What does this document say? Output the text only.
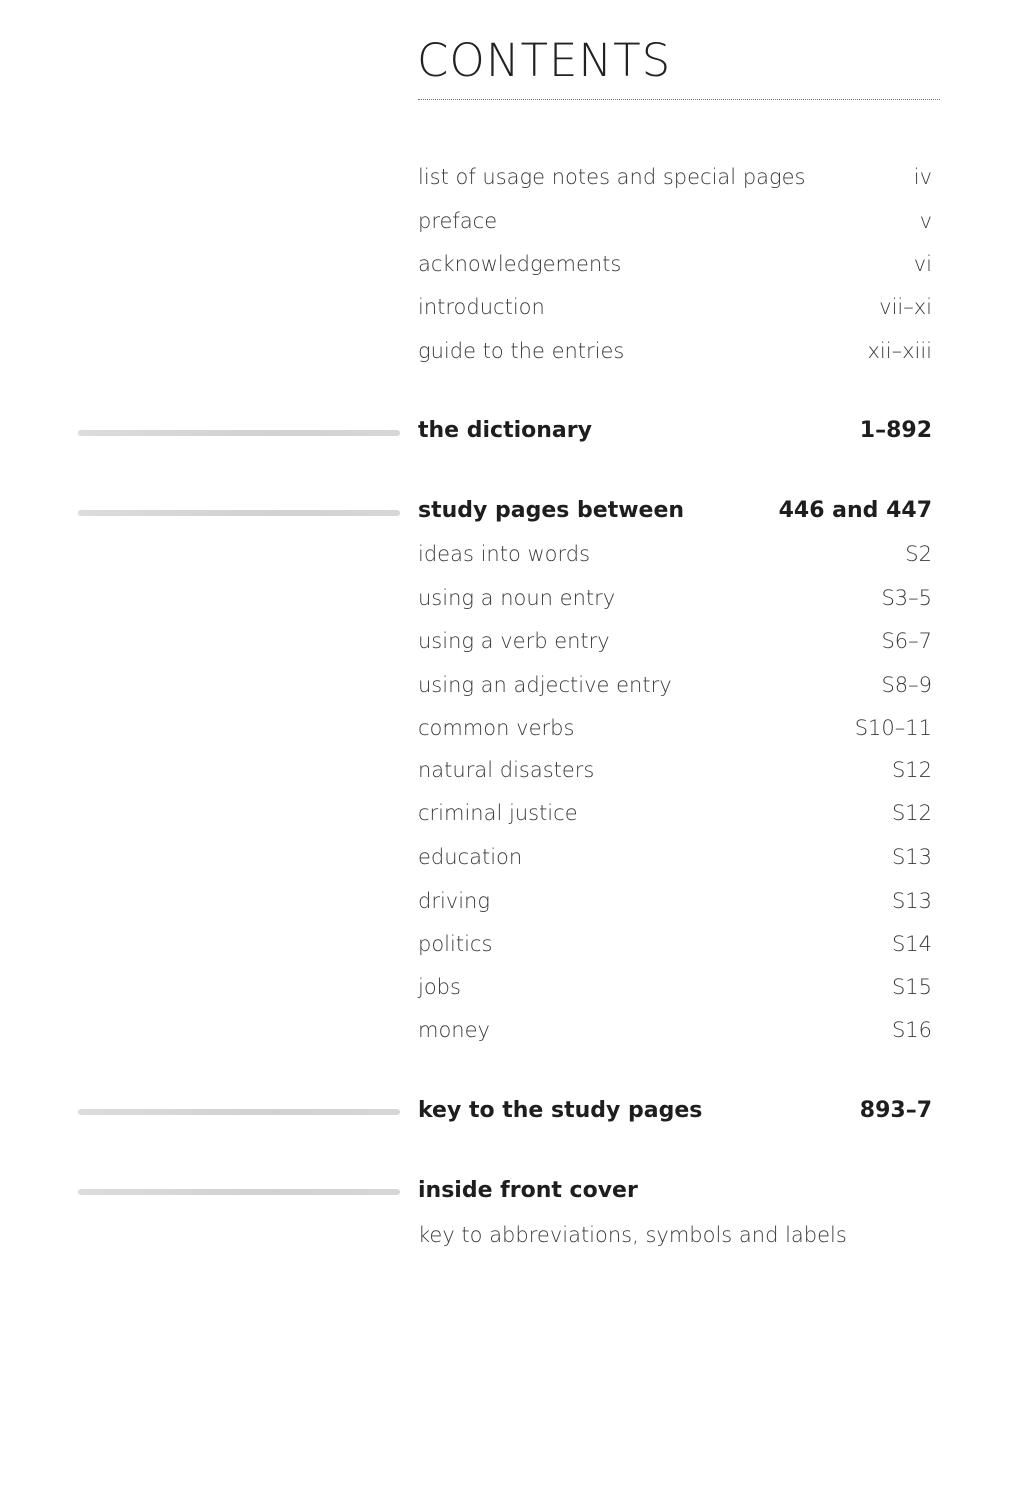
CONTENTS
list of usage notes and special pages	iv
preface	v
acknowledgements	vi
introduction	vii–xi
guide to the entries	xii–xiii
the dictionary	1–892
study pages between	446 and 447
ideas into words	S2
using a noun entry	S3–5
using a verb entry	S6–7
using an adjective entry	S8–9
common verbs	S10–11
natural disasters	S12
criminal justice	S12
education	S13
driving	S13
politics	S14
jobs	S15
money	S16
key to the study pages	893–7
inside front cover
key to abbreviations, symbols and labels
